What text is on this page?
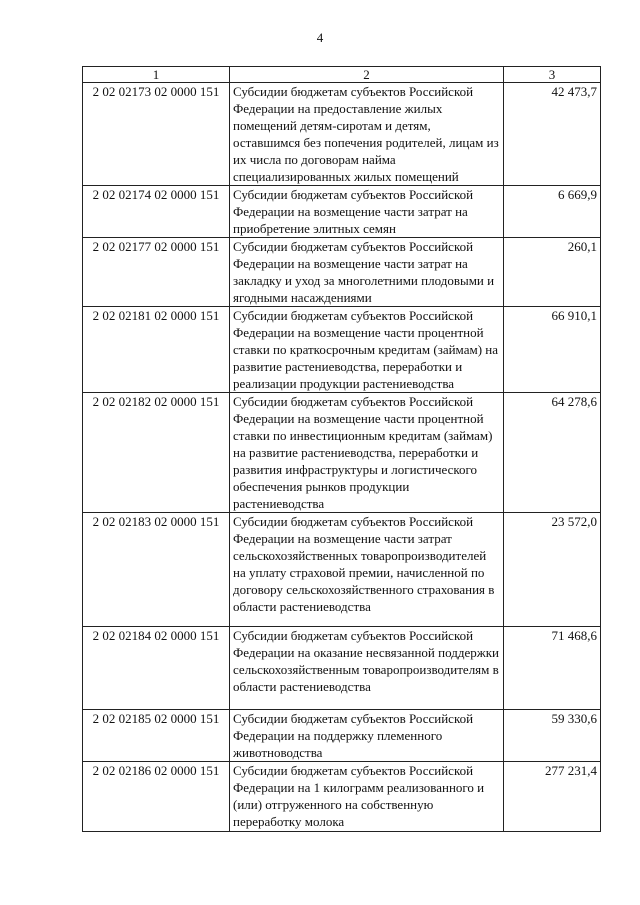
4
1	2	3
2 02 02173 02 0000 151	Субсидии бюджетам субъектов Российской Федерации на предоставление жилых помещений детям-сиротам и детям, оставшимся без попечения родителей, лицам из их числа по договорам найма специализированных жилых помещений	42 473,7
2 02 02174 02 0000 151	Субсидии бюджетам субъектов Российской Федерации на возмещение части затрат на приобретение элитных семян	6 669,9
2 02 02177 02 0000 151	Субсидии бюджетам субъектов Российской Федерации на возмещение части затрат на закладку и уход за многолетними плодовыми и ягодными насаждениями	260,1
2 02 02181 02 0000 151	Субсидии бюджетам субъектов Российской Федерации на возмещение части процентной ставки по краткосрочным кредитам (займам) на развитие растениеводства, переработки и реализации продукции растениеводства	66 910,1
2 02 02182 02 0000 151	Субсидии бюджетам субъектов Российской Федерации на возмещение части процентной ставки по инвестиционным кредитам (займам) на развитие растениеводства, переработки и развития инфраструктуры и логистического обеспечения рынков продукции растениеводства	64 278,6
2 02 02183 02 0000 151	Субсидии бюджетам субъектов Российской Федерации на возмещение части затрат сельскохозяйственных товаропроизводителей на уплату страховой премии, начисленной по договору сельскохозяйственного страхования в области растениеводства	23 572,0
2 02 02184 02 0000 151	Субсидии бюджетам субъектов Российской Федерации на оказание несвязанной поддержки сельскохозяйственным товаропроизводителям в области растениеводства	71 468,6
2 02 02185 02 0000 151	Субсидии бюджетам субъектов Российской Федерации на поддержку племенного животноводства	59 330,6
2 02 02186 02 0000 151	Субсидии бюджетам субъектов Российской Федерации на 1 килограмм реализованного и (или) отгруженного на собственную переработку молока	277 231,4
